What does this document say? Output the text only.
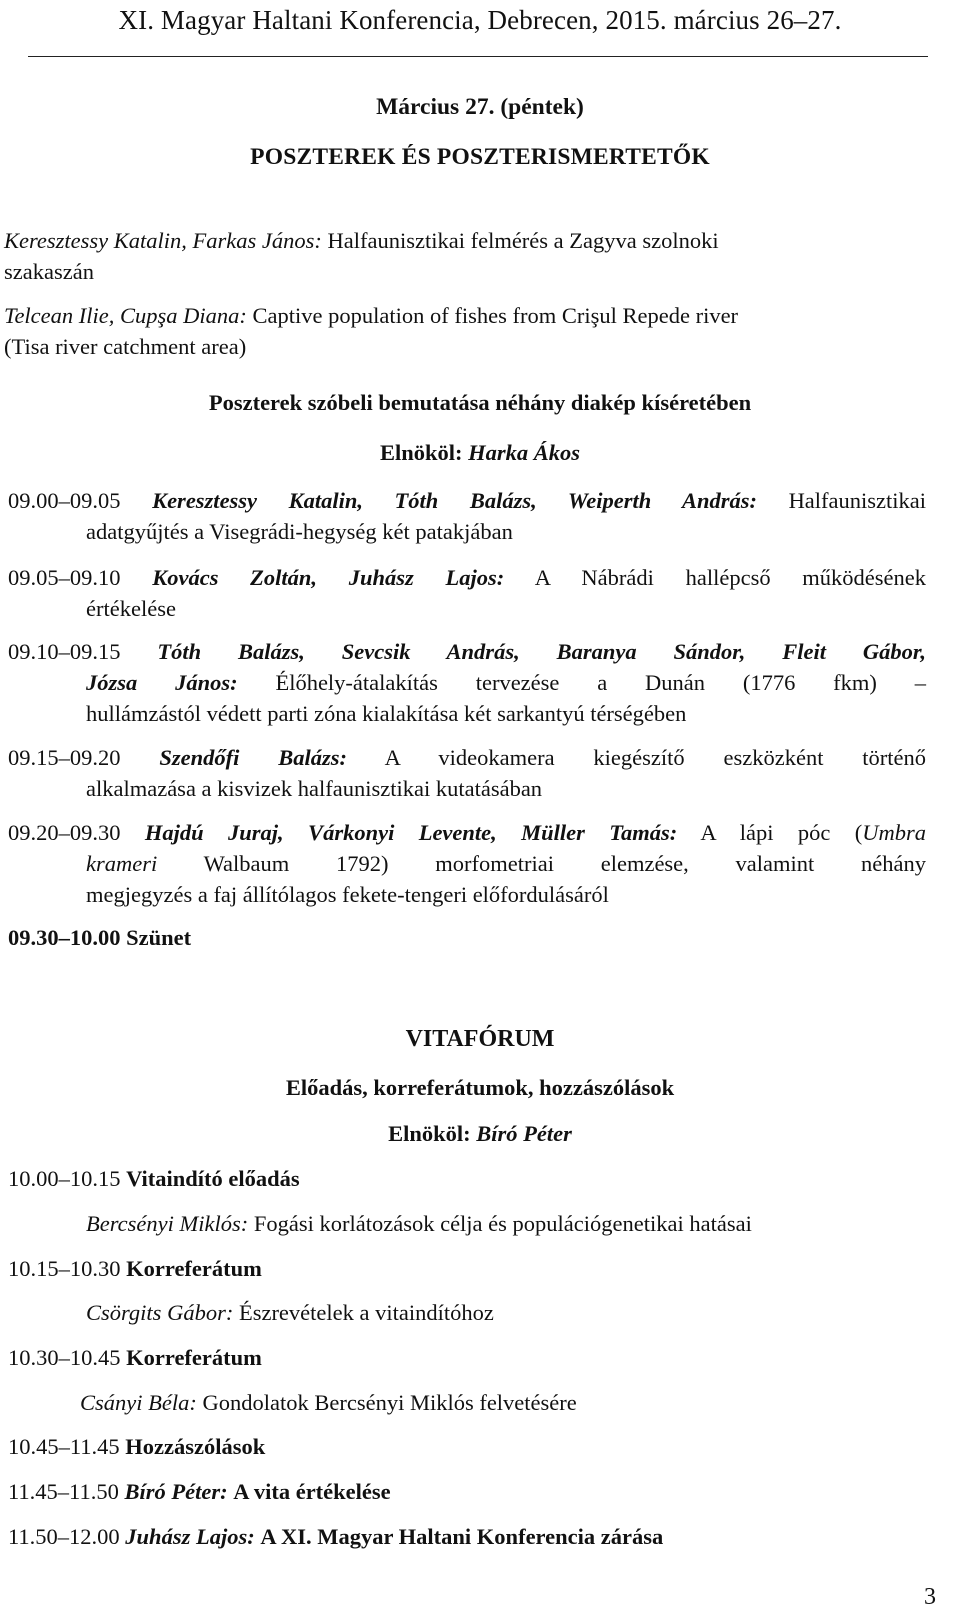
XI. Magyar Haltani Konferencia, Debrecen, 2015. március 26–27.
Március 27. (péntek)
POSZTEREK ÉS POSZTERISMERTETŐK
Keresztessy Katalin, Farkas János: Halfaunisztikai felmérés a Zagyva szolnoki
szakaszán
Telcean Ilie, Cupşa Diana: Captive population of fishes from Crişul Repede river
(Tisa river catchment area)
Poszterek szóbeli bemutatása néhány diakép kíséretében
Elnököl: Harka Ákos
09.00–09.05 Keresztessy Katalin, Tóth Balázs, Weiperth András: Halfaunisztikai
adatgyűjtés a Visegrádi-hegység két patakjában
09.05–09.10 Kovács Zoltán, Juhász Lajos: A Nábrádi hallépcső működésének
értékelése
09.10–09.15 Tóth Balázs, Sevcsik András, Baranya Sándor, Fleit Gábor,
Józsa János: Élőhely-átalakítás tervezése a Dunán (1776 fkm) –
hullámzástól védett parti zóna kialakítása két sarkantyú térségében
09.15–09.20 Szendőfi Balázs: A videokamera kiegészítő eszközként történő
alkalmazása a kisvizek halfaunisztikai kutatásában
09.20–09.30 Hajdú Juraj, Várkonyi Levente, Müller Tamás: A lápi póc (Umbra
krameri Walbaum 1792) morfometriai elemzése, valamint néhány
megjegyzés a faj állítólagos fekete-tengeri előfordulásáról
09.30–10.00 Szünet
VITAFÓRUM
Előadás, korreferátumok, hozzászólások
Elnököl: Bíró Péter
10.00–10.15 Vitaindító előadás
Bercsényi Miklós: Fogási korlátozások célja és populációgenetikai hatásai
10.15–10.30 Korreferátum
Csörgits Gábor: Észrevételek a vitaindítóhoz
10.30–10.45 Korreferátum
Csányi Béla: Gondolatok Bercsényi Miklós felvetésére
10.45–11.45 Hozzászólások
11.45–11.50 Bíró Péter: A vita értékelése
11.50–12.00 Juhász Lajos: A XI. Magyar Haltani Konferencia zárása
3
